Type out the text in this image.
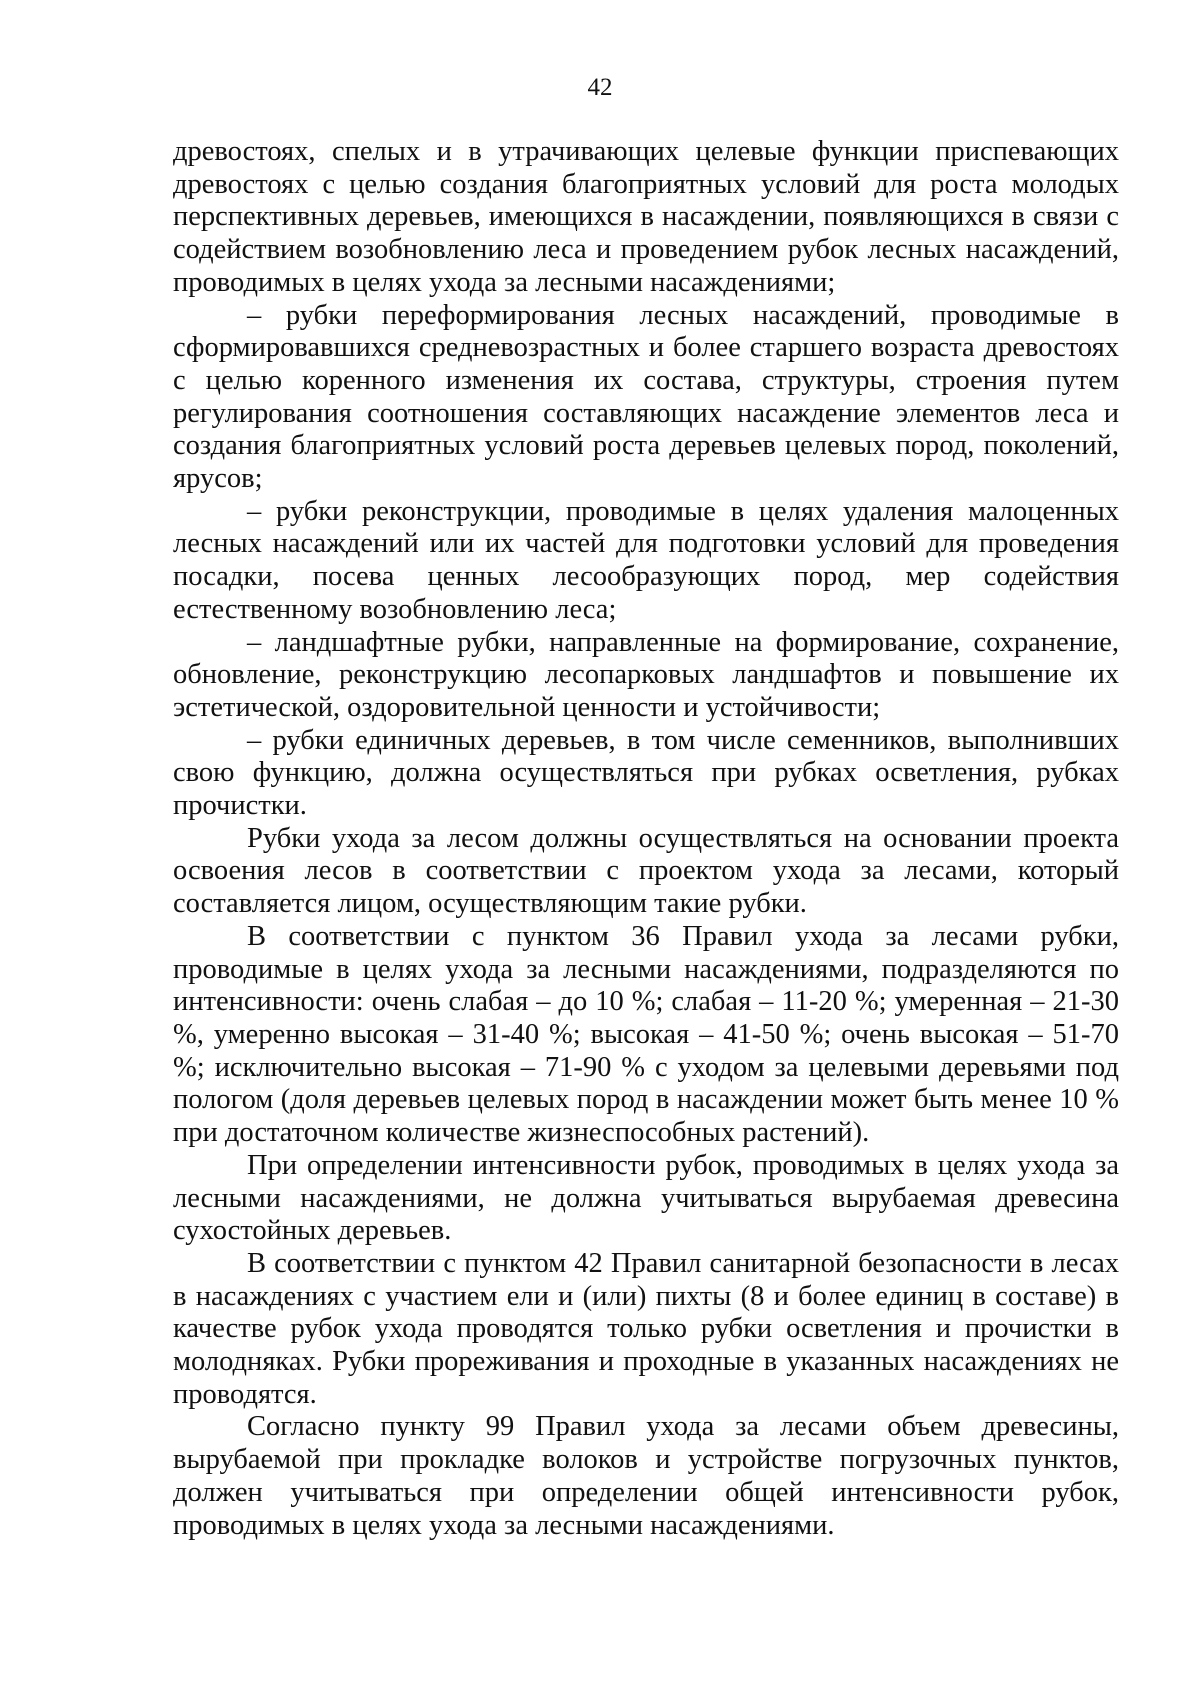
42

древостоях, спелых и в утрачивающих целевые функции приспевающих древостоях с целью создания благоприятных условий для роста молодых перспективных деревьев, имеющихся в насаждении, появляющихся в связи с содействием возобновлению леса и проведением рубок лесных насаждений, проводимых в целях ухода за лесными насаждениями;

– рубки переформирования лесных насаждений, проводимые в сформировавшихся средневозрастных и более старшего возраста древостоях с целью коренного изменения их состава, структуры, строения путем регулирования соотношения составляющих насаждение элементов леса и создания благоприятных условий роста деревьев целевых пород, поколений, ярусов;

– рубки реконструкции, проводимые в целях удаления малоценных лесных насаждений или их частей для подготовки условий для проведения посадки, посева ценных лесообразующих пород, мер содействия естественному возобновлению леса;

– ландшафтные рубки, направленные на формирование, сохранение, обновление, реконструкцию лесопарковых ландшафтов и повышение их эстетической, оздоровительной ценности и устойчивости;

– рубки единичных деревьев, в том числе семенников, выполнивших свою функцию, должна осуществляться при рубках осветления, рубках прочистки.

Рубки ухода за лесом должны осуществляться на основании проекта освоения лесов в соответствии с проектом ухода за лесами, который составляется лицом, осуществляющим такие рубки.

В соответствии с пунктом 36 Правил ухода за лесами рубки, проводимые в целях ухода за лесными насаждениями, подразделяются по интенсивности: очень слабая – до 10 %; слабая – 11-20 %; умеренная – 21-30 %, умеренно высокая – 31-40 %; высокая – 41-50 %; очень высокая – 51-70 %; исключительно высокая – 71-90 % с уходом за целевыми деревьями под пологом (доля деревьев целевых пород в насаждении может быть менее 10 % при достаточном количестве жизнеспособных растений).

При определении интенсивности рубок, проводимых в целях ухода за лесными насаждениями, не должна учитываться вырубаемая древесина сухостойных деревьев.

В соответствии с пунктом 42 Правил санитарной безопасности в лесах в насаждениях с участием ели и (или) пихты (8 и более единиц в составе) в качестве рубок ухода проводятся только рубки осветления и прочистки в молодняках. Рубки прореживания и проходные в указанных насаждениях не проводятся.

Согласно пункту 99 Правил ухода за лесами объем древесины, вырубаемой при прокладке волоков и устройстве погрузочных пунктов, должен учитываться при определении общей интенсивности рубок, проводимых в целях ухода за лесными насаждениями.
